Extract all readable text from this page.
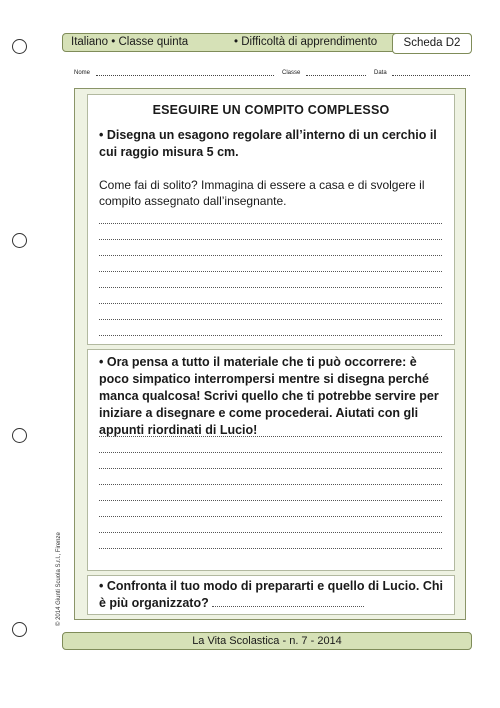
Italiano • Classe quinta	• Difficoltà di apprendimento	Scheda D2
Nome	Classe	Data
ESEGUIRE UN COMPITO COMPLESSO
• Disegna un esagono regolare all’interno di un cerchio il cui raggio misura 5 cm.
Come fai di solito? Immagina di essere a casa e di svolgere il compito assegnato dall’insegnante.
• Ora pensa a tutto il materiale che ti può occorrere: è poco simpatico interrompersi mentre si disegna perché manca qualcosa! Scrivi quello che ti potrebbe servire per iniziare a disegnare e come procederai. Aiutati con gli appunti riordinati di Lucio!
• Confronta il tuo modo di prepararti e quello di Lucio. Chi
è più organizzato?
© 2014 Giunti Scuola S.r.l., Firenze
La Vita Scolastica - n. 7 - 2014
